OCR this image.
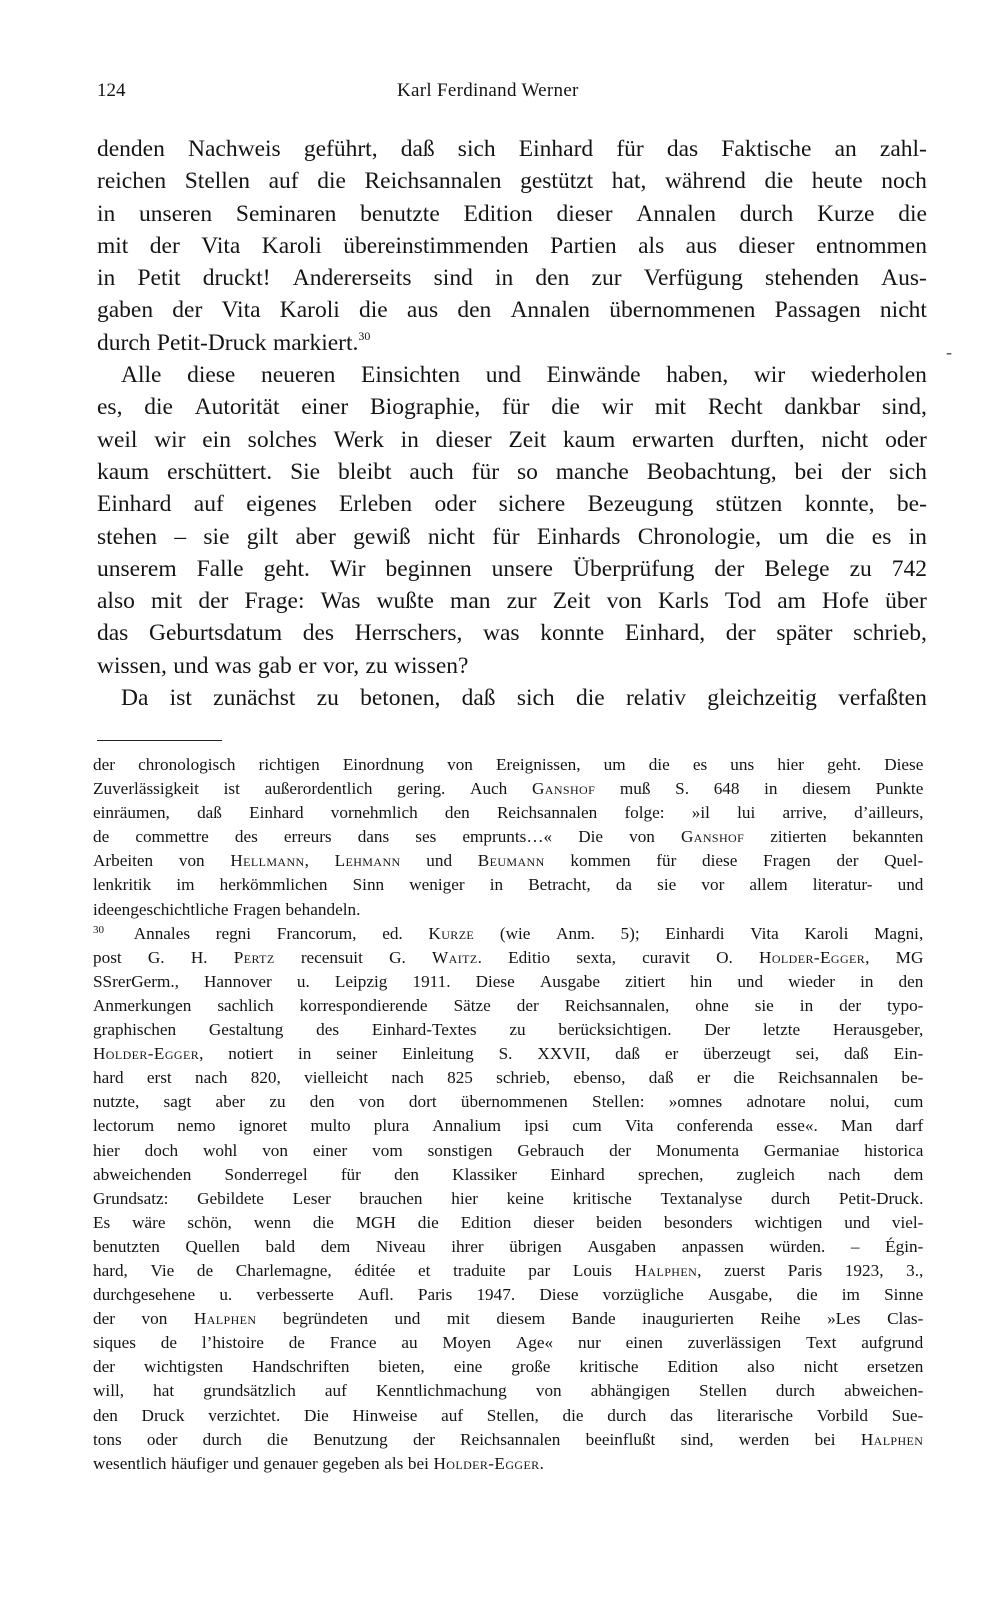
124	Karl Ferdinand Werner
denden Nachweis geführt, daß sich Einhard für das Faktische an zahl-
reichen Stellen auf die Reichsannalen gestützt hat, während die heute noch
in unseren Seminaren benutzte Edition dieser Annalen durch Kurze die
mit der Vita Karoli übereinstimmenden Partien als aus dieser entnommen
in Petit druckt! Andererseits sind in den zur Verfügung stehenden Aus-
gaben der Vita Karoli die aus den Annalen übernommenen Passagen nicht
durch Petit-Druck markiert.$^{30}$
Alle diese neueren Einsichten und Einwände haben, wir wiederholen
es, die Autorität einer Biographie, für die wir mit Recht dankbar sind,
weil wir ein solches Werk in dieser Zeit kaum erwarten durften, nicht oder
kaum erschüttert. Sie bleibt auch für so manche Beobachtung, bei der sich
Einhard auf eigenes Erleben oder sichere Bezeugung stützen konnte, be-
stehen – sie gilt aber gewiß nicht für Einhards Chronologie, um die es in
unserem Falle geht. Wir beginnen unsere Überprüfung der Belege zu 742
also mit der Frage: Was wußte man zur Zeit von Karls Tod am Hofe über
das Geburtsdatum des Herrschers, was konnte Einhard, der später schrieb,
wissen, und was gab er vor, zu wissen?
Da ist zunächst zu betonen, daß sich die relativ gleichzeitig verfaßten
-
der chronologisch richtigen Einordnung von Ereignissen, um die es uns hier geht. Diese
Zuverlässigkeit ist außerordentlich gering. Auch Ganshof muß S. 648 in diesem Punkte
einräumen, daß Einhard vornehmlich den Reichsannalen folge: »il lui arrive, d’ailleurs,
de commettre des erreurs dans ses emprunts…« Die von Ganshof zitierten bekannten
Arbeiten von Hellmann, Lehmann und Beumann kommen für diese Fragen der Quel-
lenkritik im herkömmlichen Sinn weniger in Betracht, da sie vor allem literatur- und
ideengeschichtliche Fragen behandeln.
$^{30}$ Annales regni Francorum, ed. Kurze (wie Anm. 5); Einhardi Vita Karoli Magni,
post G. H. Pertz recensuit G. Waitz. Editio sexta, curavit O. Holder-Egger, MG
SSrerGerm., Hannover u. Leipzig 1911. Diese Ausgabe zitiert hin und wieder in den
Anmerkungen sachlich korrespondierende Sätze der Reichsannalen, ohne sie in der typo-
graphischen Gestaltung des Einhard-Textes zu berücksichtigen. Der letzte Herausgeber,
Holder-Egger, notiert in seiner Einleitung S. XXVII, daß er überzeugt sei, daß Ein-
hard erst nach 820, vielleicht nach 825 schrieb, ebenso, daß er die Reichsannalen be-
nutzte, sagt aber zu den von dort übernommenen Stellen: »omnes adnotare nolui, cum
lectorum nemo ignoret multo plura Annalium ipsi cum Vita conferenda esse«. Man darf
hier doch wohl von einer vom sonstigen Gebrauch der Monumenta Germaniae historica
abweichenden Sonderregel für den Klassiker Einhard sprechen, zugleich nach dem
Grundsatz: Gebildete Leser brauchen hier keine kritische Textanalyse durch Petit-Druck.
Es wäre schön, wenn die MGH die Edition dieser beiden besonders wichtigen und viel-
benutzten Quellen bald dem Niveau ihrer übrigen Ausgaben anpassen würden. – Égin-
hard, Vie de Charlemagne, éditée et traduite par Louis Halphen, zuerst Paris 1923, 3.,
durchgesehene u. verbesserte Aufl. Paris 1947. Diese vorzügliche Ausgabe, die im Sinne
der von Halphen begründeten und mit diesem Bande inaugurierten Reihe »Les Clas-
siques de l’histoire de France au Moyen Age« nur einen zuverlässigen Text aufgrund
der wichtigsten Handschriften bieten, eine große kritische Edition also nicht ersetzen
will, hat grundsätzlich auf Kenntlichmachung von abhängigen Stellen durch abweichen-
den Druck verzichtet. Die Hinweise auf Stellen, die durch das literarische Vorbild Sue-
tons oder durch die Benutzung der Reichsannalen beeinflußt sind, werden bei Halphen
wesentlich häufiger und genauer gegeben als bei Holder-Egger.
